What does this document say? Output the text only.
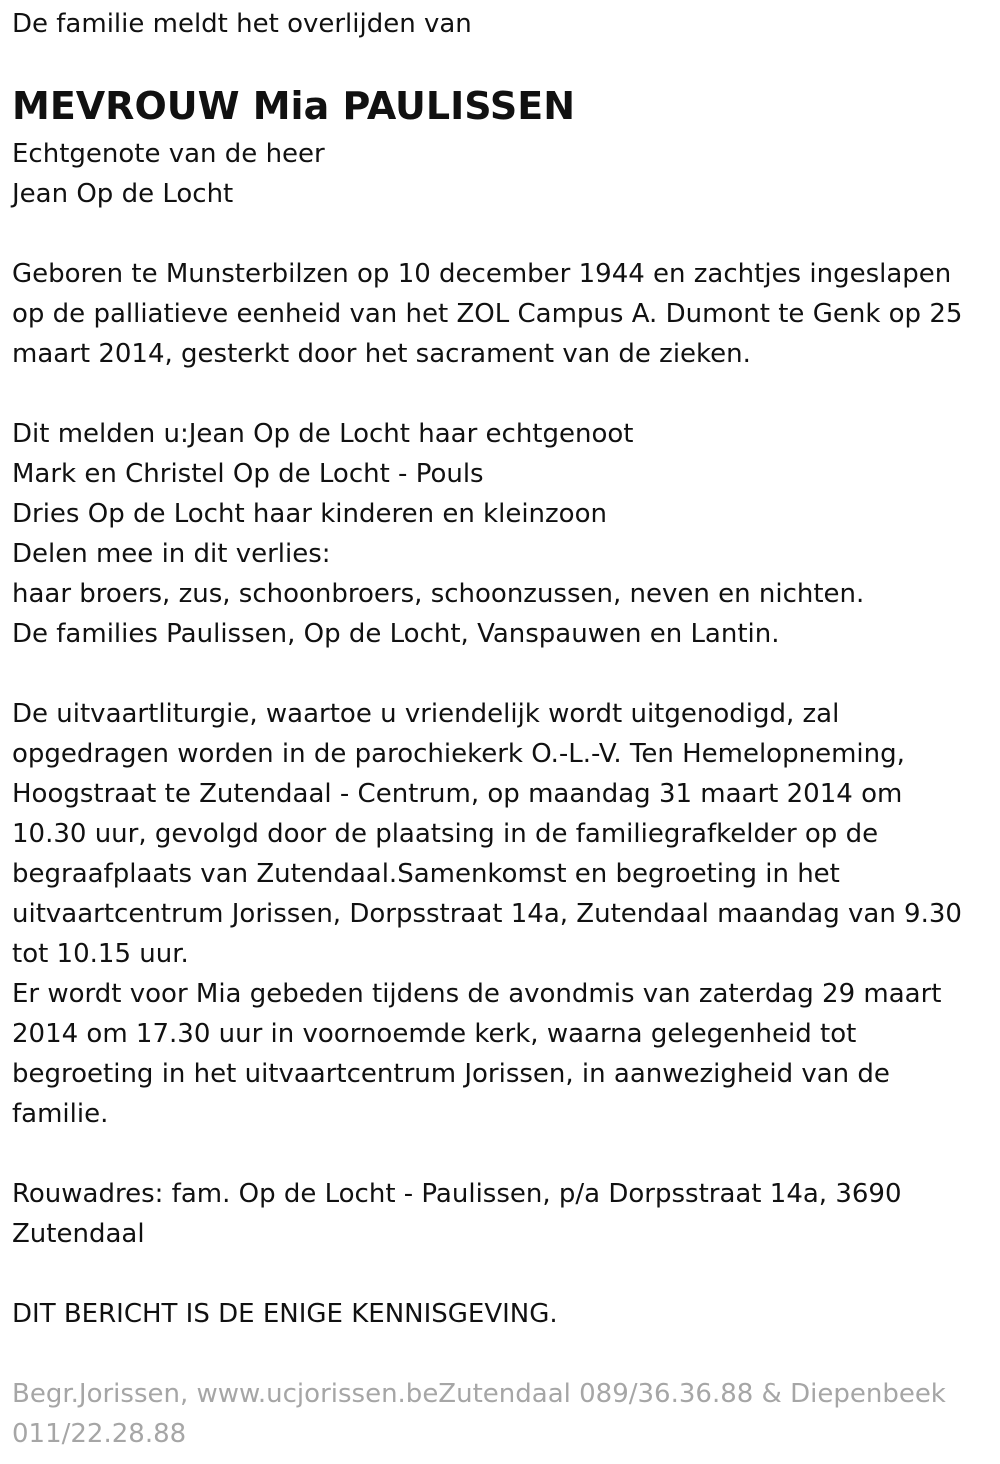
De familie meldt het overlijden van
MEVROUW Mia PAULISSEN
Echtgenote van de heer
Jean Op de Locht
Geboren te Munsterbilzen op 10 december 1944 en zachtjes ingeslapen
op de palliatieve eenheid van het ZOL Campus A. Dumont te Genk op 25
maart 2014, gesterkt door het sacrament van de zieken.
Dit melden u:Jean Op de Locht haar echtgenoot
Mark en Christel Op de Locht - Pouls
Dries Op de Locht haar kinderen en kleinzoon
Delen mee in dit verlies:
haar broers, zus, schoonbroers, schoonzussen, neven en nichten.
De families Paulissen, Op de Locht, Vanspauwen en Lantin.
De uitvaartliturgie, waartoe u vriendelijk wordt uitgenodigd, zal
opgedragen worden in de parochiekerk O.-L.-V. Ten Hemelopneming,
Hoogstraat te Zutendaal - Centrum, op maandag 31 maart 2014 om
10.30 uur, gevolgd door de plaatsing in de familiegrafkelder op de
begraafplaats van Zutendaal.Samenkomst en begroeting in het
uitvaartcentrum Jorissen, Dorpsstraat 14a, Zutendaal maandag van 9.30
tot 10.15 uur.
Er wordt voor Mia gebeden tijdens de avondmis van zaterdag 29 maart
2014 om 17.30 uur in voornoemde kerk, waarna gelegenheid tot
begroeting in het uitvaartcentrum Jorissen, in aanwezigheid van de
familie.
Rouwadres: fam. Op de Locht - Paulissen, p/a Dorpsstraat 14a, 3690
Zutendaal
DIT BERICHT IS DE ENIGE KENNISGEVING.
Begr.Jorissen, www.ucjorissen.beZutendaal 089/36.36.88 & Diepenbeek
011/22.28.88
